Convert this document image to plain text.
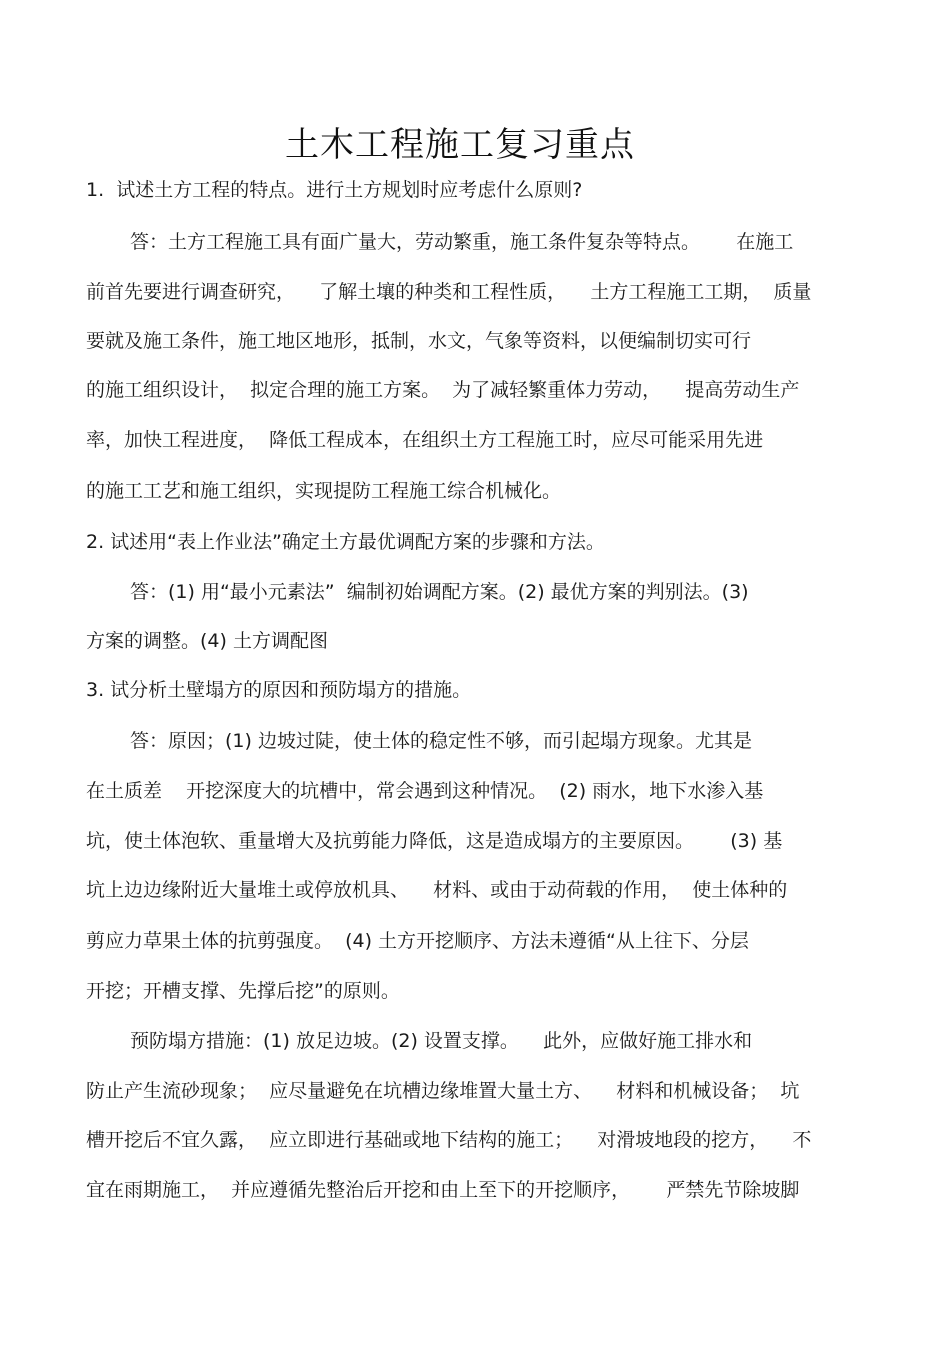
土木工程施工复习重点
1.  试述土方工程的特点。进行土方规划时应考虑什么原则?
答：土方工程施工具有面广量大，劳动繁重，施工条件复杂等特点。      在施工
前首先要进行调查研究，    了解土壤的种类和工程性质，    土方工程施工工期，  质量
要就及施工条件，施工地区地形，抵制，水文，气象等资料，以便编制切实可行
的施工组织设计，  拟定合理的施工方案。  为了减轻繁重体力劳动，    提高劳动生产
率，加快工程进度，  降低工程成本，在组织土方工程施工时，应尽可能采用先进
的施工工艺和施工组织，实现提防工程施工综合机械化。
2. 试述用“表上作业法”确定土方最优调配方案的步骤和方法。
答：(1) 用“最小元素法”  编制初始调配方案。(2) 最优方案的判别法。(3)
方案的调整。(4) 土方调配图
3. 试分析土壁塌方的原因和预防塌方的措施。
答：原因；(1) 边坡过陡，使土体的稳定性不够，而引起塌方现象。尤其是
在土质差    开挖深度大的坑槽中，常会遇到这种情况。  (2) 雨水，地下水渗入基
坑，使土体泡软、重量增大及抗剪能力降低，这是造成塌方的主要原因。      (3) 基
坑上边边缘附近大量堆土或停放机具、    材料、或由于动荷载的作用，  使土体种的
剪应力草果土体的抗剪强度。  (4) 土方开挖顺序、方法未遵循“从上往下、分层
开挖；开槽支撑、先撑后挖”的原则。
预防塌方措施：(1) 放足边坡。(2) 设置支撑。    此外，应做好施工排水和
防止产生流砂现象；  应尽量避免在坑槽边缘堆置大量土方、    材料和机械设备；  坑
槽开挖后不宜久露，  应立即进行基础或地下结构的施工；    对滑坡地段的挖方，    不
宜在雨期施工，  并应遵循先整治后开挖和由上至下的开挖顺序，      严禁先节除坡脚
